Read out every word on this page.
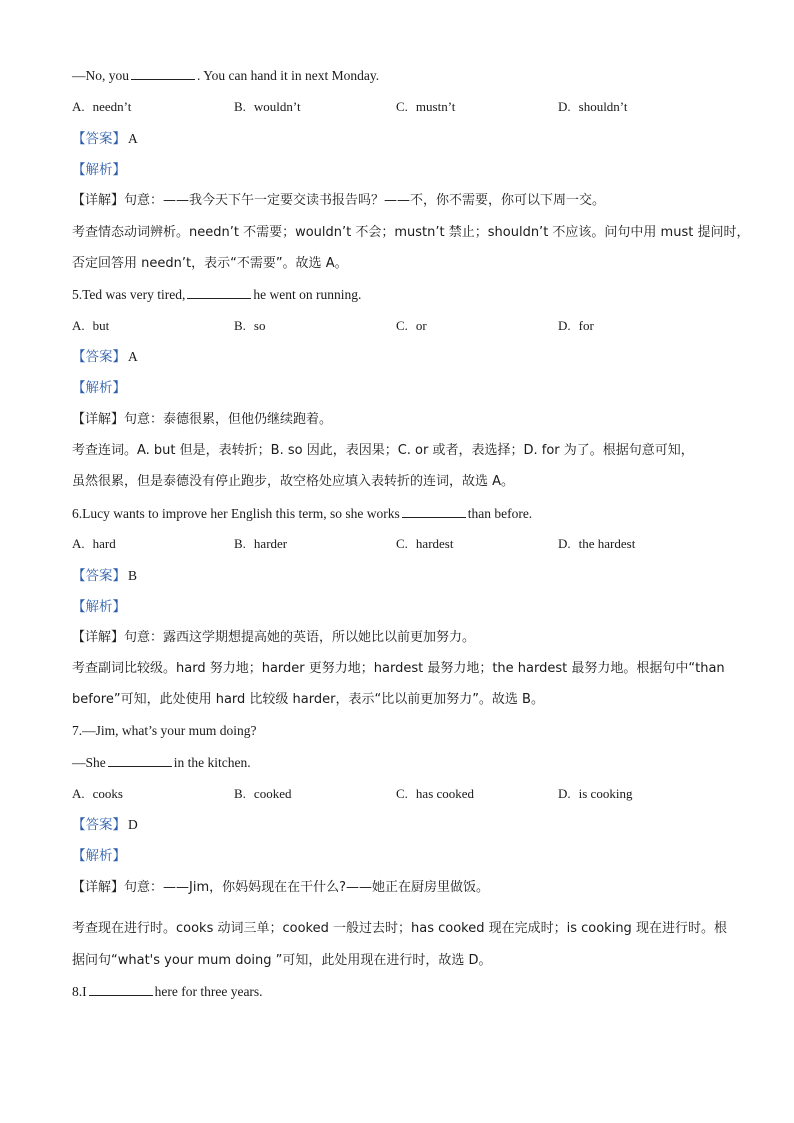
—No, you	. You can hand it in next Monday.
A. needn’t	B. wouldn’t	C. mustn’t	D. shouldn’t
【答案】 A
【解析】
【详解】句意：——我今天下午一定要交读书报告吗？——不，你不需要，你可以下周一交。
考查情态动词辨析。needn’t 不需要；wouldn’t 不会；mustn’t 禁止；shouldn’t 不应该。问句中用 must 提问时，
否定回答用 needn’t，表示“不需要”。故选 A。
5.Ted was very tired,	he went on running.
A. but	B. so	C. or	D. for
【答案】 A
【解析】
【详解】句意：泰德很累，但他仍继续跑着。
考查连词。A. but 但是，表转折；B. so 因此，表因果；C. or 或者，表选择；D. for 为了。根据句意可知，
虽然很累，但是泰德没有停止跑步，故空格处应填入表转折的连词，故选 A。
6.Lucy wants to improve her English this term, so she works	than before.
A. hard	B. harder	C. hardest	D. the hardest
【答案】 B
【解析】
【详解】句意：露西这学期想提高她的英语，所以她比以前更加努力。
考查副词比较级。hard 努力地；harder 更努力地；hardest 最努力地；the hardest 最努力地。根据句中“than
before”可知，此处使用 hard 比较级 harder，表示“比以前更加努力”。故选 B。
7.—Jim, what’s your mum doing?
—She	in the kitchen.
A. cooks	B. cooked	C. has cooked	D. is cooking
【答案】 D
【解析】
【详解】句意：——Jim，你妈妈现在在干什么?——她正在厨房里做饭。
考查现在进行时。cooks 动词三单；cooked 一般过去时；has cooked 现在完成时；is cooking 现在进行时。根
据问句“what's your mum doing ”可知，此处用现在进行时，故选 D。
8.I	here for three years.
